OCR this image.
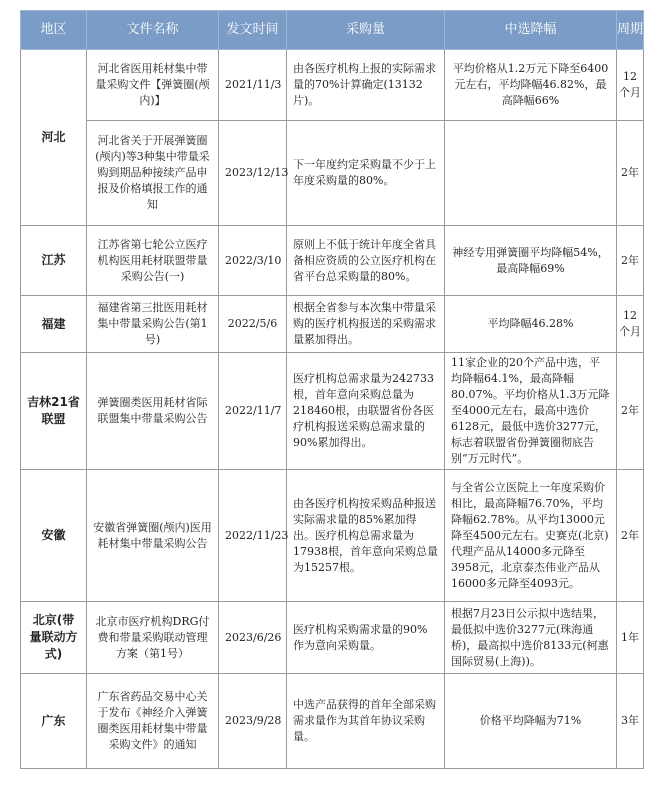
地区	文件名称	发文时间	采购量	中选降幅	周期
河北	河北省医用耗材集中带量采购文件【弹簧圈(颅内)】	2021/11/3	由各医疗机构上报的实际需求量的70%计算确定(13132片)。	平均价格从1.2万元下降至6400元左右，平均降幅46.82%，最高降幅66%	12个月
	河北省关于开展弹簧圈(颅内)等3种集中带量采购到期品种接续产品申报及价格填报工作的通知	2023/12/13	下一年度约定采购量不少于上年度采购量的80%。		2年
江苏	江苏省第七轮公立医疗机构医用耗材联盟带量采购公告(一)	2022/3/10	原则上不低于统计年度全省具备相应资质的公立医疗机构在省平台总采购量的80%。	神经专用弹簧圈平均降幅54%，最高降幅69%	2年
福建	福建省第三批医用耗材集中带量采购公告(第1号)	2022/5/6	根据全省参与本次集中带量采购的医疗机构报送的采购需求量累加得出。	平均降幅46.28%	12个月
吉林21省联盟	弹簧圈类医用耗材省际联盟集中带量采购公告	2022/11/7	医疗机构总需求量为242733根，首年意向采购总量为218460根，由联盟省份各医疗机构报送采购总需求量的90%累加得出。	11家企业的20个产品中选，平均降幅64.1%，最高降幅80.07%。平均价格从1.3万元降至4000元左右，最高中选价6128元，最低中选价3277元，标志着联盟省份弹簧圈彻底告别“万元时代”。	2年
安徽	安徽省弹簧圈(颅内)医用耗材集中带量采购公告	2022/11/23	由各医疗机构按采购品种报送实际需求量的85%累加得出。医疗机构总需求量为17938根，首年意向采购总量为15257根。	与全省公立医院上一年度采购价相比，最高降幅76.70%，平均降幅62.78%。从平均13000元降至4500元左右。史赛克(北京)代理产品从14000多元降至3958元，北京泰杰伟业产品从16000多元降至4093元。	2年
北京(带量联动方式)	北京市医疗机构DRG付费和带量采购联动管理方案（第1号）	2023/6/26	医疗机构采购需求量的90%作为意向采购量。	根据7月23日公示拟中选结果，最低拟中选价3277元(珠海通桥)，最高拟中选价8133元(柯惠国际贸易(上海))。	1年
广东	广东省药品交易中心关于发布《神经介入弹簧圈类医用耗材集中带量采购文件》的通知	2023/9/28	中选产品获得的首年全部采购需求量作为其首年协议采购量。	价格平均降幅为71%	3年
